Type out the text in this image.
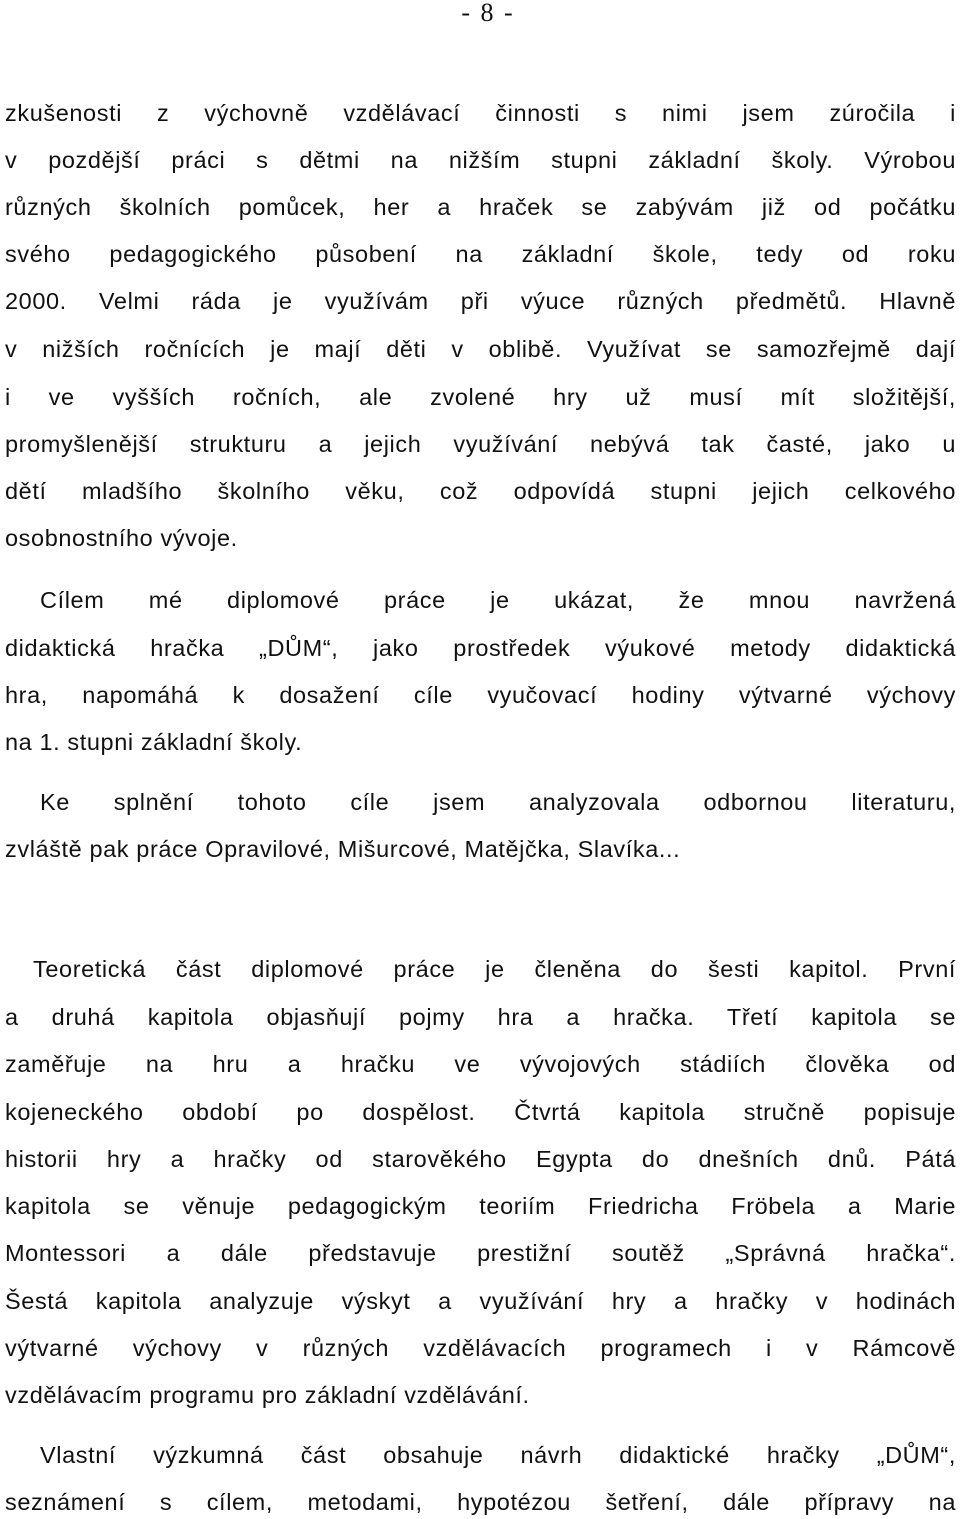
- 8 -
zkušenosti z výchovně vzdělávací činnosti s nimi jsem zúročila i
v pozdější práci s dětmi na nižším stupni základní školy. Výrobou
různých školních pomůcek, her a hraček se zabývám již od počátku
svého pedagogického působení na základní škole, tedy od roku
2000. Velmi ráda je využívám při výuce různých předmětů. Hlavně
v nižších ročnících je mají děti v oblibě. Využívat se samozřejmě dají
i ve vyšších ročních, ale zvolené hry už musí mít složitější,
promyšlenější strukturu a jejich využívání nebývá tak časté, jako u
dětí mladšího školního věku, což odpovídá stupni jejich celkového
osobnostního vývoje.
Cílem mé diplomové práce je ukázat, že mnou navržená
didaktická hračka „DŮM“, jako prostředek výukové metody didaktická
hra, napomáhá k dosažení cíle vyučovací hodiny výtvarné výchovy
na 1. stupni základní školy.
Ke splnění tohoto cíle jsem analyzovala odbornou literaturu,
zvláště pak práce Opravilové, Mišurcové, Matějčka, Slavíka...
Teoretická část diplomové práce je členěna do šesti kapitol. První
a druhá kapitola objasňují pojmy hra a hračka. Třetí kapitola se
zaměřuje na hru a hračku ve vývojových stádiích člověka od
kojeneckého období po dospělost. Čtvrtá kapitola stručně popisuje
historii hry a hračky od starověkého Egypta do dnešních dnů. Pátá
kapitola se věnuje pedagogickým teoriím Friedricha Fröbela a Marie
Montessori a dále představuje prestižní soutěž „Správná hračka“.
Šestá kapitola analyzuje výskyt a využívání hry a hračky v hodinách
výtvarné výchovy v různých vzdělávacích programech i v Rámcově
vzdělávacím programu pro základní vzdělávání.
Vlastní výzkumná část obsahuje návrh didaktické hračky „DŮM“,
seznámení s cílem, metodami, hypotézou šetření, dále přípravy na
